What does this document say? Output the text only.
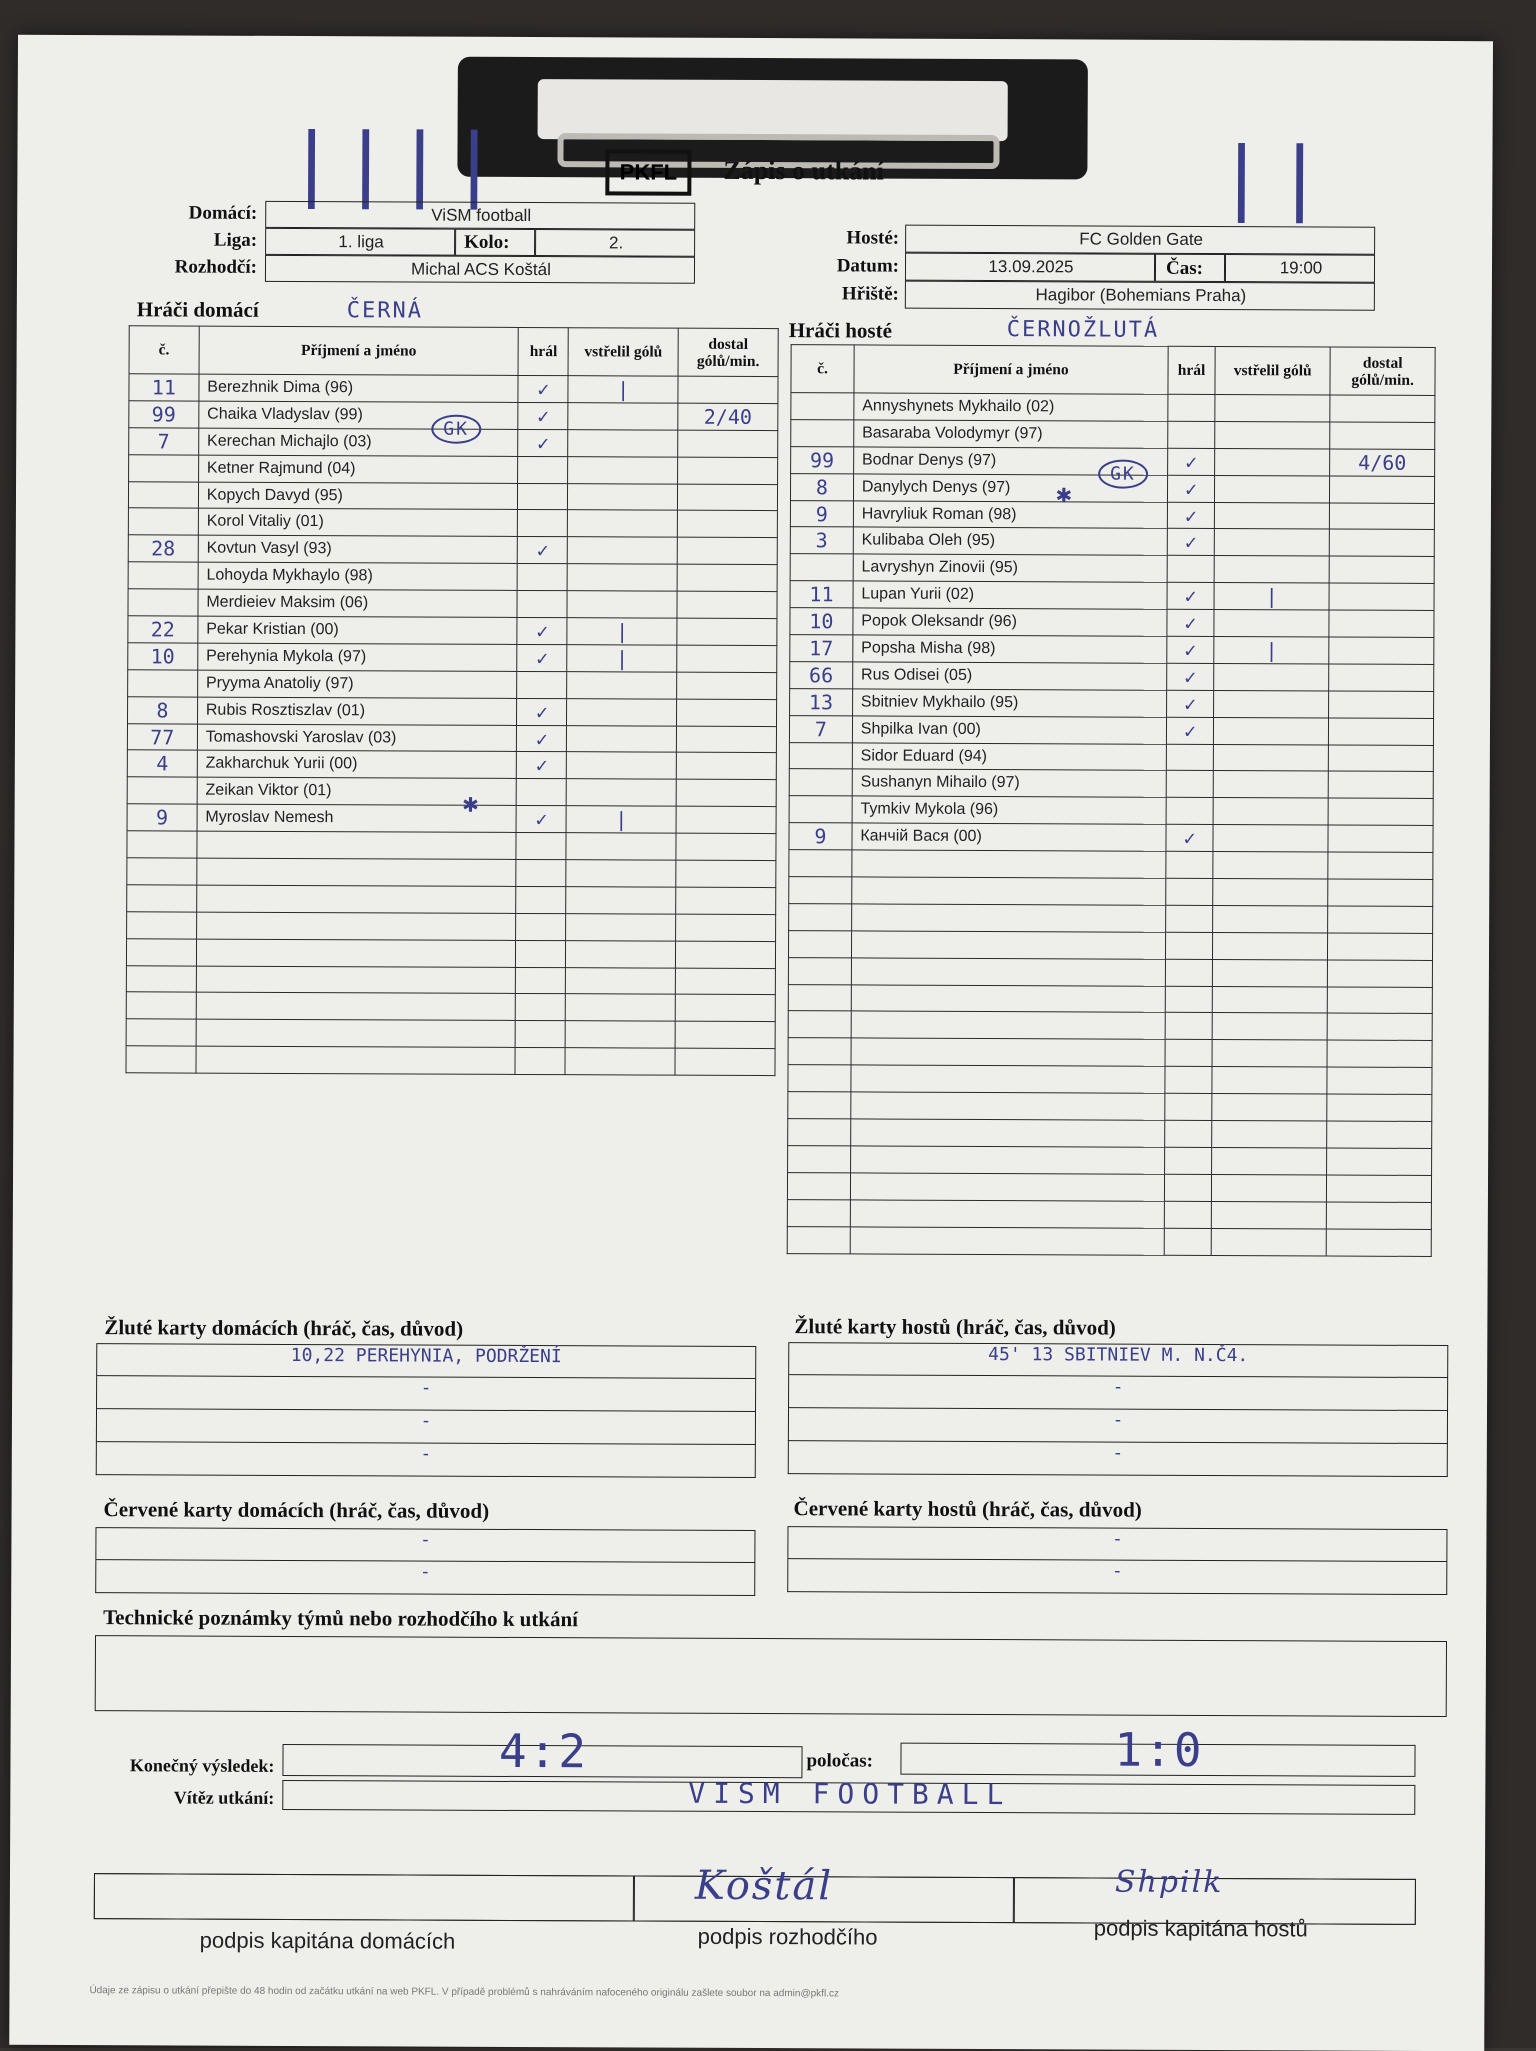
||||	||
PKFL	Zápis o utkání
Domácí:	ViSM football
Liga:	1. liga	Kolo:	2.
Rozhodčí:	Michal ACS Koštál
Hosté:	FC Golden Gate
Datum:	13.09.2025	Čas:	19:00
Hřiště:	Hagibor (Bohemians Praha)
Hráči domácí	ČERNÁ
č.	Příjmení a jméno	hrál	vstřelil gólů	dostal gólů/min.
11	Berezhnik Dima (96)	✓	|	
99	Chaika Vladyslav (99)	✓		2/40
7	Kerechan Michajlo (03)	✓		
	Ketner Rajmund (04)			
	Kopych Davyd (95)			
	Korol Vitaliy (01)			
28	Kovtun Vasyl (93)	✓		
	Lohoyda Mykhaylo (98)			
	Merdieiev Maksim (06)			
22	Pekar Kristian (00)	✓	|	
10	Perehynia Mykola (97)	✓	|	
	Pryyma Anatoliy (97)			
8	Rubis Rosztiszlav (01)	✓		
77	Tomashovski Yaroslav (03)	✓		
4	Zakharchuk Yurii (00)	✓		
	Zeikan Viktor (01)			
9	Myroslav Nemesh	✓	|	

GK
✱
Hráči hosté	ČERNOŽLUTÁ
č.	Příjmení a jméno	hrál	vstřelil gólů	dostal gólů/min.
	Annyshynets Mykhailo (02)			
	Basaraba Volodymyr (97)			
99	Bodnar Denys (97)	✓		4/60
8	Danylych Denys (97)	✓		
9	Havryliuk Roman (98)	✓		
3	Kulibaba Oleh (95)	✓		
	Lavryshyn Zinovii (95)			
11	Lupan Yurii (02)	✓	|	
10	Popok Oleksandr (96)	✓		
17	Popsha Misha (98)	✓	|	
66	Rus Odisei (05)	✓		
13	Sbitniev Mykhailo (95)	✓		
7	Shpilka Ivan (00)	✓		
	Sidor Eduard (94)			
	Sushanyn Mihailo (97)			
	Tymkiv Mykola (96)			
9	Канчій Вася (00)	✓		

GK
✱
Žluté karty domácích (hráč, čas, důvod)
10,22 PEREHYNIA, PODRŽENÍ
-
-
-
Žluté karty hostů (hráč, čas, důvod)
45' 13 SBITNIEV M. N.Č4.
-
-
-
Červené karty domácích (hráč, čas, důvod)
-
-
Červené karty hostů (hráč, čas, důvod)
-
-
Technické poznámky týmů nebo rozhodčího k utkání
Konečný výsledek:	4:2	poločas:	1:0
Vítěz utkání:	VISM FOOTBALL
Koštál	Shpilk
podpis kapitána domácích	podpis rozhodčího	podpis kapitána hostů
Údaje ze zápisu o utkání přepište do 48 hodin od začátku utkání na web PKFL. V případě problémů s nahráváním nafoceného originálu zašlete soubor na admin@pkfl.cz
